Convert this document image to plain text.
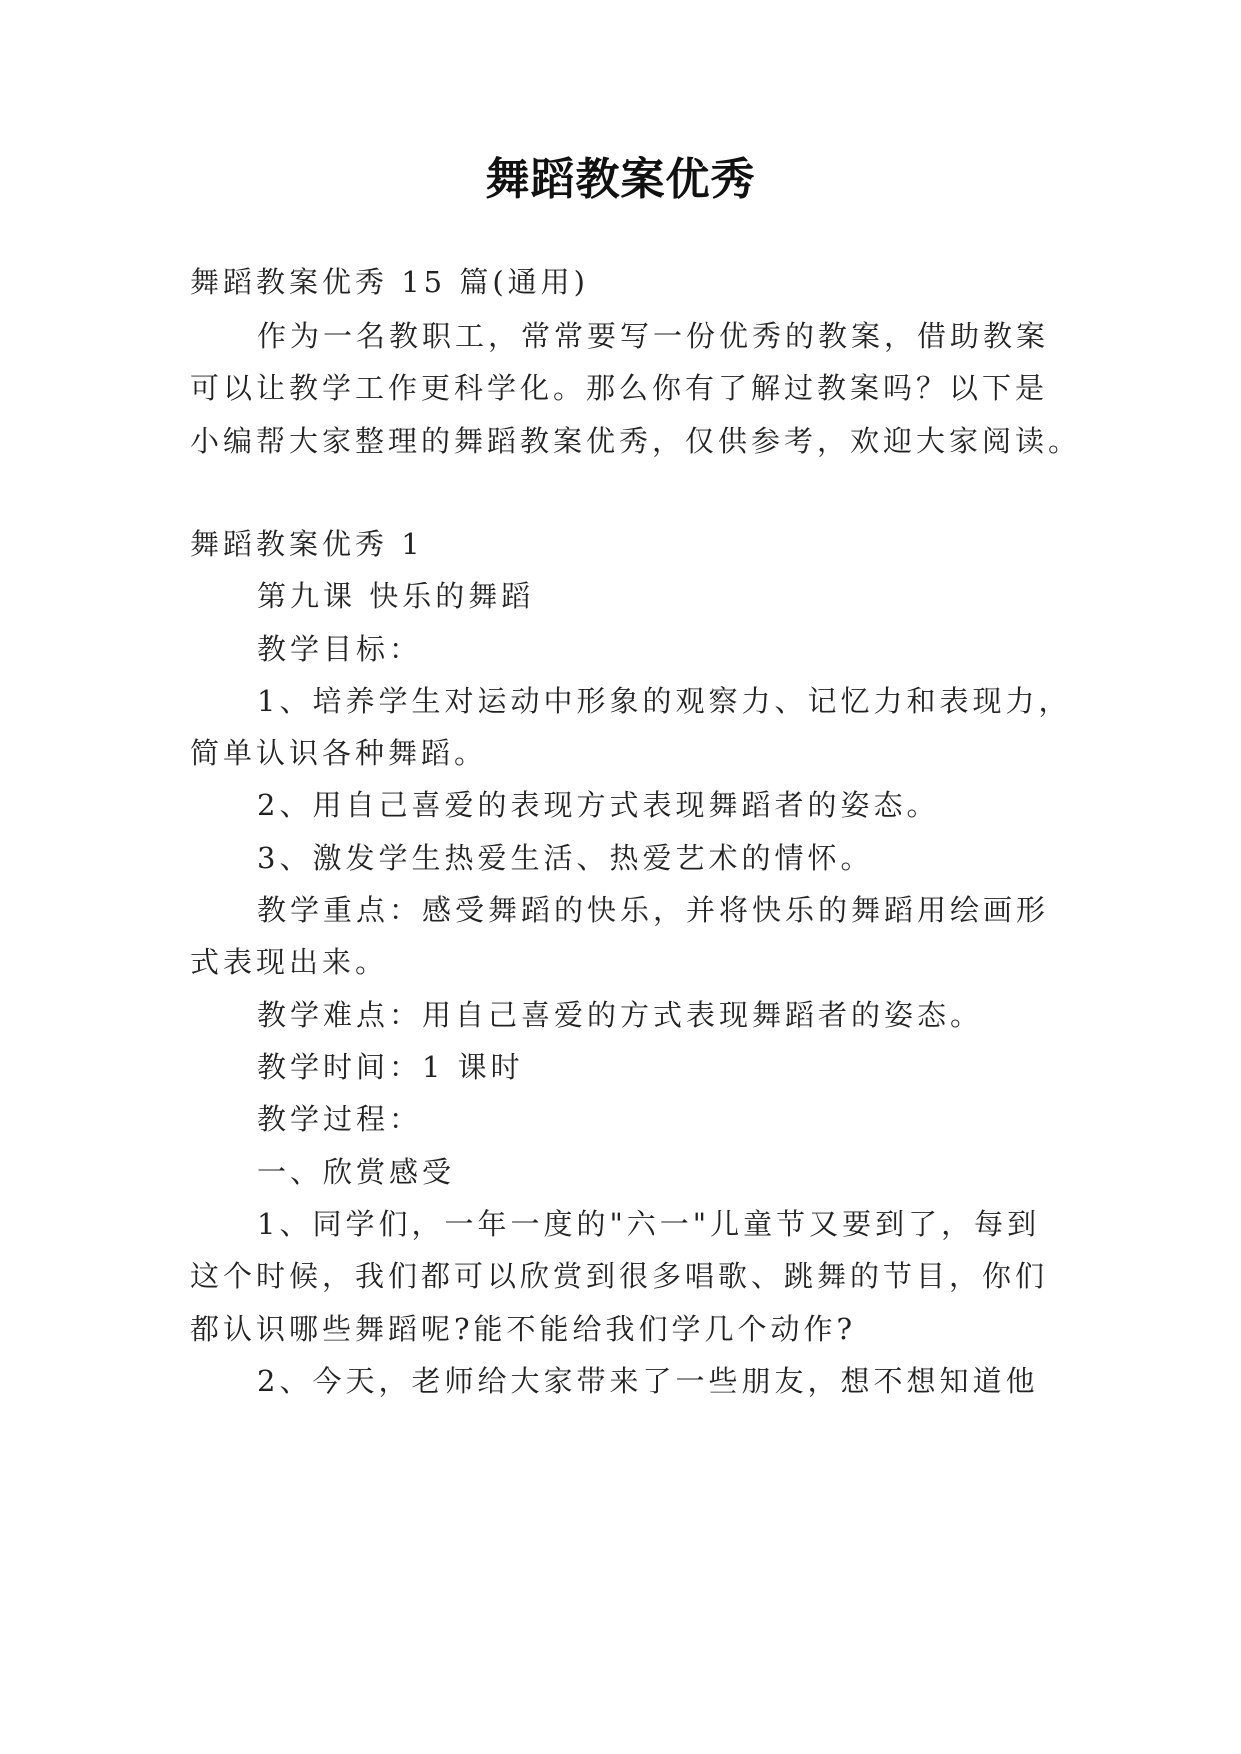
舞蹈教案优秀
舞蹈教案优秀 15 篇(通用)
作为一名教职工，常常要写一份优秀的教案，借助教案
可以让教学工作更科学化。那么你有了解过教案吗？以下是
小编帮大家整理的舞蹈教案优秀，仅供参考，欢迎大家阅读。
舞蹈教案优秀 1
第九课 快乐的舞蹈
教学目标：
1、培养学生对运动中形象的观察力、记忆力和表现力，
简单认识各种舞蹈。
2、用自己喜爱的表现方式表现舞蹈者的姿态。
3、激发学生热爱生活、热爱艺术的情怀。
教学重点：感受舞蹈的快乐，并将快乐的舞蹈用绘画形
式表现出来。
教学难点：用自己喜爱的方式表现舞蹈者的姿态。
教学时间：1 课时
教学过程：
一、欣赏感受
1、同学们，一年一度的"六一"儿童节又要到了，每到
这个时候，我们都可以欣赏到很多唱歌、跳舞的节目，你们
都认识哪些舞蹈呢?能不能给我们学几个动作?
2、今天，老师给大家带来了一些朋友，想不想知道他
